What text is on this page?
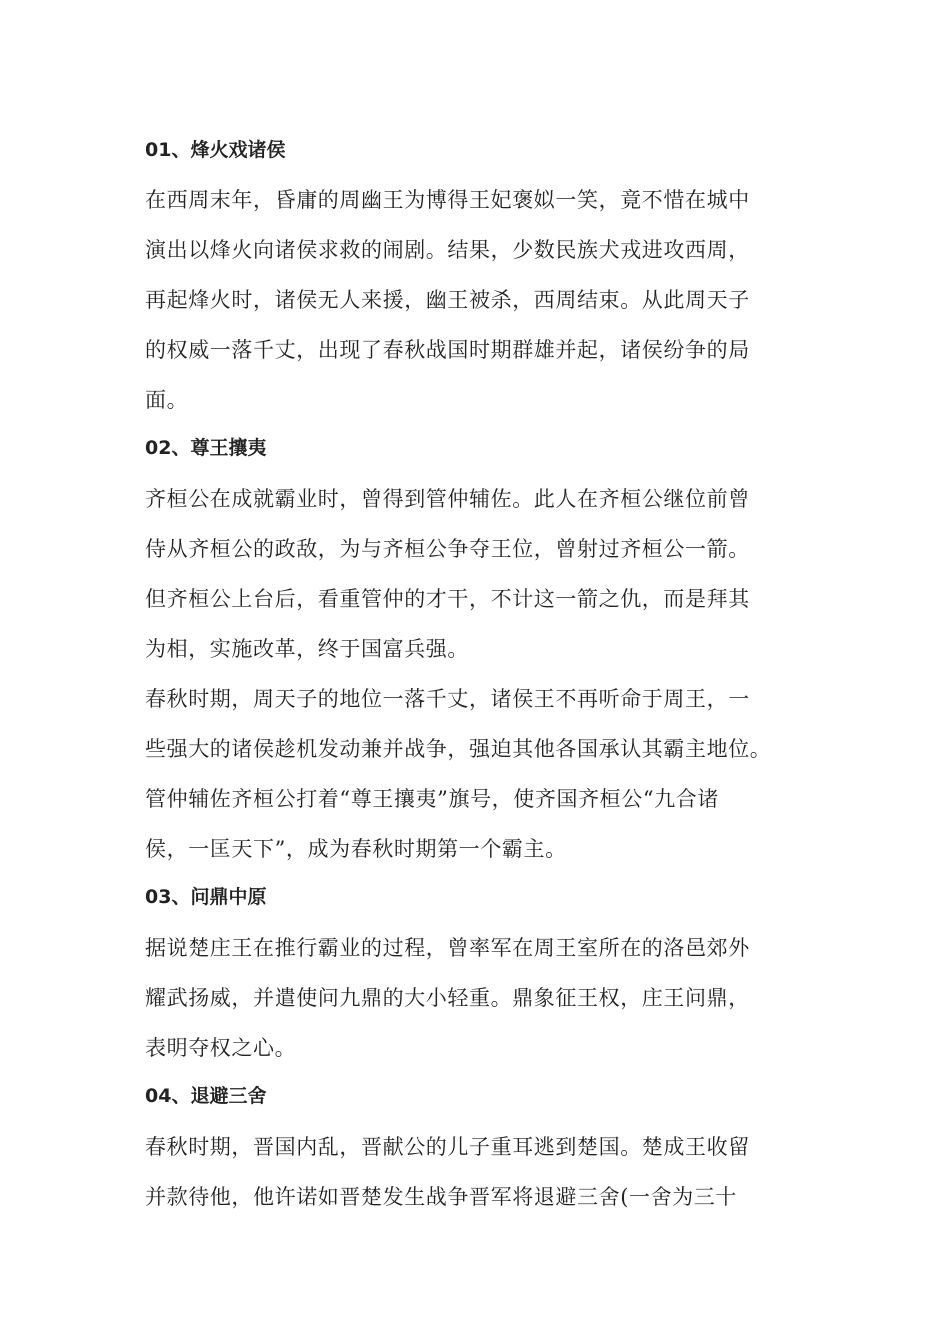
01、烽火戏诸侯
在西周末年，昏庸的周幽王为博得王妃褒姒一笑，竟不惜在城中
演出以烽火向诸侯求救的闹剧。结果，少数民族犬戎进攻西周，
再起烽火时，诸侯无人来援，幽王被杀，西周结束。从此周天子
的权威一落千丈，出现了春秋战国时期群雄并起，诸侯纷争的局
面。
02、尊王攘夷
齐桓公在成就霸业时，曾得到管仲辅佐。此人在齐桓公继位前曾
侍从齐桓公的政敌，为与齐桓公争夺王位，曾射过齐桓公一箭。
但齐桓公上台后，看重管仲的才干，不计这一箭之仇，而是拜其
为相，实施改革，终于国富兵强。
春秋时期，周天子的地位一落千丈，诸侯王不再听命于周王，一
些强大的诸侯趁机发动兼并战争，强迫其他各国承认其霸主地位。
管仲辅佐齐桓公打着“尊王攘夷”旗号，使齐国齐桓公“九合诸
侯，一匡天下”，成为春秋时期第一个霸主。
03、问鼎中原
据说楚庄王在推行霸业的过程，曾率军在周王室所在的洛邑郊外
耀武扬威，并遣使问九鼎的大小轻重。鼎象征王权，庄王问鼎，
表明夺权之心。
04、退避三舍
春秋时期，晋国内乱，晋献公的儿子重耳逃到楚国。楚成王收留
并款待他，他许诺如晋楚发生战争晋军将退避三舍(一舍为三十
